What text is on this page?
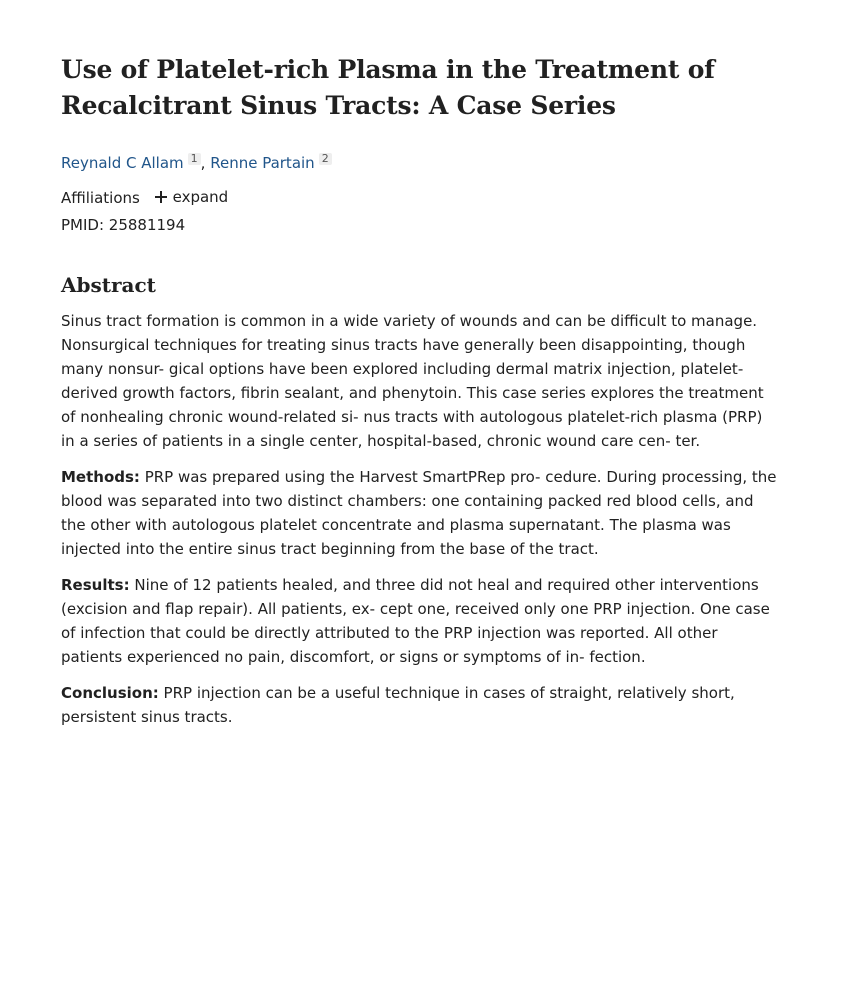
Use of Platelet-rich Plasma in the Treatment of
Recalcitrant Sinus Tracts: A Case Series
Reynald C Allam 1 , Renne Partain 2
Affiliations expand
PMID: 25881194
Abstract

Sinus tract formation is common in a wide variety of wounds and can be difficult to manage. Nonsurgical techniques for treating sinus tracts have generally been disappointing, though many nonsur- gical options have been explored including dermal matrix injection, platelet-derived growth factors, fibrin sealant, and phenytoin. This case series explores the treatment of nonhealing chronic wound-related si- nus tracts with autologous platelet-rich plasma (PRP) in a series of patients in a single center, hospital-based, chronic wound care cen- ter.

Methods: PRP was prepared using the Harvest SmartPRep pro- cedure. During processing, the blood was separated into two distinct chambers: one containing packed red blood cells, and the other with autologous platelet concentrate and plasma supernatant. The plasma was injected into the entire sinus tract beginning from the base of the tract.

Results: Nine of 12 patients healed, and three did not heal and required other interventions (excision and flap repair). All patients, ex- cept one, received only one PRP injection. One case of infection that could be directly attributed to the PRP injection was reported. All other patients experienced no pain, discomfort, or signs or symptoms of in- fection.

Conclusion: PRP injection can be a useful technique in cases of straight, relatively short, persistent sinus tracts.
